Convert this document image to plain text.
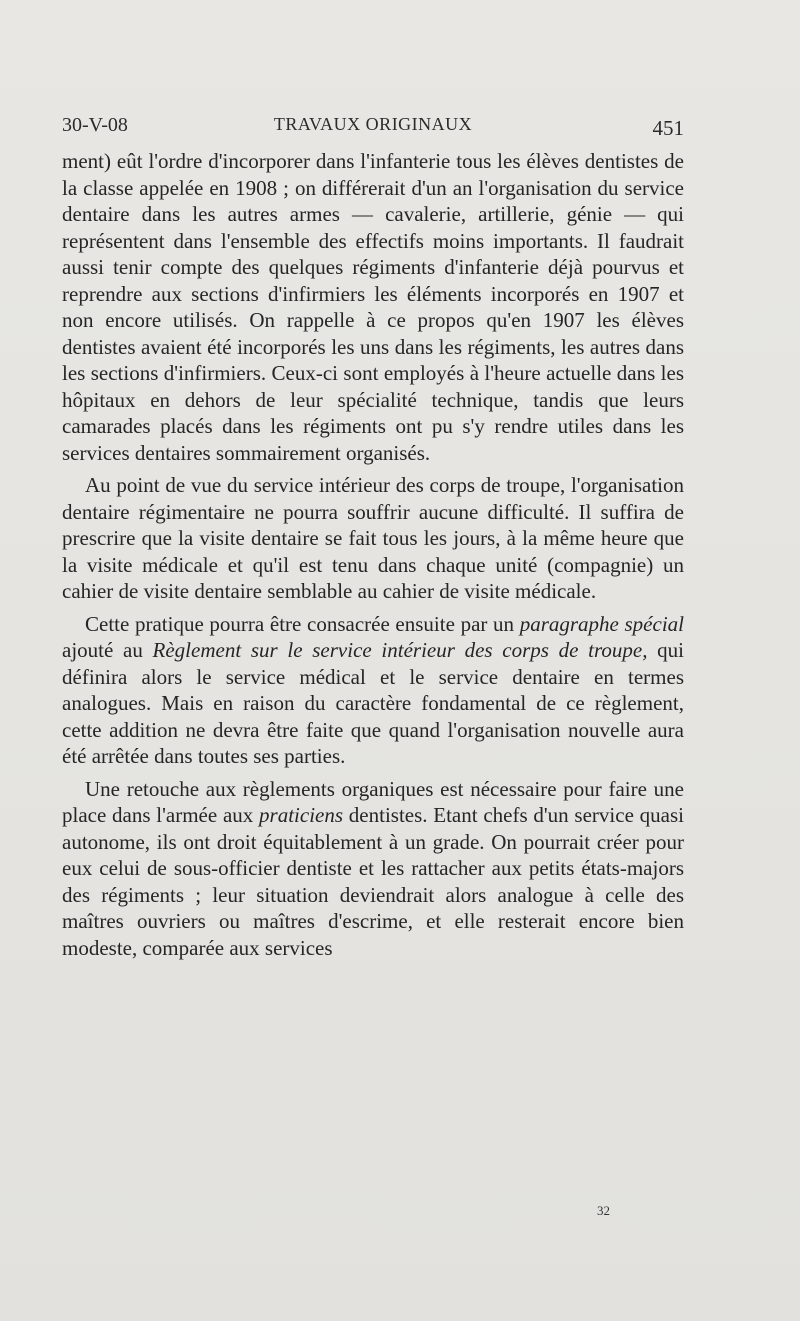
30-V-08	TRAVAUX ORIGINAUX	451

ment) eût l'ordre d'incorporer dans l'infanterie tous les élèves dentistes de la classe appelée en 1908 ; on différerait d'un an l'organisation du service dentaire dans les autres armes — cavalerie, artillerie, génie — qui représentent dans l'ensemble des effectifs moins importants. Il faudrait aussi tenir compte des quelques régiments d'infanterie déjà pourvus et reprendre aux sections d'infirmiers les éléments incorporés en 1907 et non encore utilisés. On rappelle à ce propos qu'en 1907 les élèves dentistes avaient été incorporés les uns dans les régiments, les autres dans les sections d'infirmiers. Ceux-ci sont employés à l'heure actuelle dans les hôpitaux en dehors de leur spécialité technique, tandis que leurs camarades placés dans les régiments ont pu s'y rendre utiles dans les services dentaires sommairement organisés.

Au point de vue du service intérieur des corps de troupe, l'organisation dentaire régimentaire ne pourra souffrir aucune difficulté. Il suffira de prescrire que la visite dentaire se fait tous les jours, à la même heure que la visite médicale et qu'il est tenu dans chaque unité (compagnie) un cahier de visite dentaire semblable au cahier de visite médicale.

Cette pratique pourra être consacrée ensuite par un paragraphe spécial ajouté au Règlement sur le service intérieur des corps de troupe, qui définira alors le service médical et le service dentaire en termes analogues. Mais en raison du caractère fondamental de ce règlement, cette addition ne devra être faite que quand l'organisation nouvelle aura été arrêtée dans toutes ses parties.

Une retouche aux règlements organiques est nécessaire pour faire une place dans l'armée aux praticiens dentistes. Etant chefs d'un service quasi autonome, ils ont droit équitablement à un grade. On pourrait créer pour eux celui de sous-officier dentiste et les rattacher aux petits états-majors des régiments ; leur situation deviendrait alors analogue à celle des maîtres ouvriers ou maîtres d'escrime, et elle resterait encore bien modeste, comparée aux services

32
